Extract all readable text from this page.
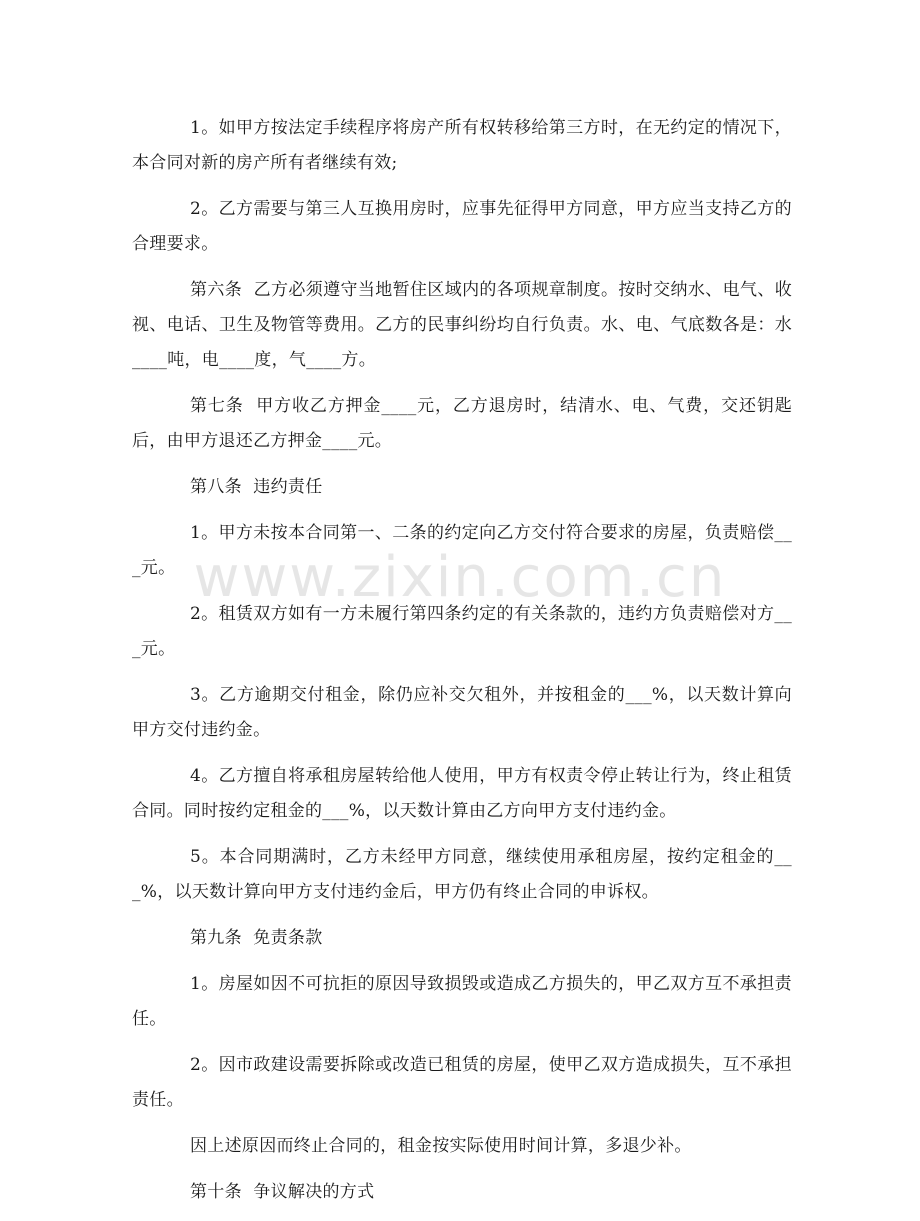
1。如甲方按法定手续程序将房产所有权转移给第三方时，在无约定的情况下，本合同对新的房产所有者继续有效;

2。乙方需要与第三人互换用房时，应事先征得甲方同意，甲方应当支持乙方的合理要求。

第六条  乙方必须遵守当地暂住区域内的各项规章制度。按时交纳水、电气、收视、电话、卫生及物管等费用。乙方的民事纠纷均自行负责。水、电、气底数各是：水____吨，电____度，气____方。

第七条  甲方收乙方押金____元，乙方退房时，结清水、电、气费，交还钥匙后，由甲方退还乙方押金____元。

第八条  违约责任

1。甲方未按本合同第一、二条的约定向乙方交付符合要求的房屋，负责赔偿___元。

2。租赁双方如有一方未履行第四条约定的有关条款的，违约方负责赔偿对方___元。

3。乙方逾期交付租金，除仍应补交欠租外，并按租金的___%，以天数计算向甲方交付违约金。

4。乙方擅自将承租房屋转给他人使用，甲方有权责令停止转让行为，终止租赁合同。同时按约定租金的___%，以天数计算由乙方向甲方支付违约金。

5。本合同期满时，乙方未经甲方同意，继续使用承租房屋，按约定租金的___%，以天数计算向甲方支付违约金后，甲方仍有终止合同的申诉权。

第九条  免责条款

1。房屋如因不可抗拒的原因导致损毁或造成乙方损失的，甲乙双方互不承担责任。

2。因市政建设需要拆除或改造已租赁的房屋，使甲乙双方造成损失，互不承担责任。

因上述原因而终止合同的，租金按实际使用时间计算，多退少补。

第十条  争议解决的方式

www.zixin.com.cn
